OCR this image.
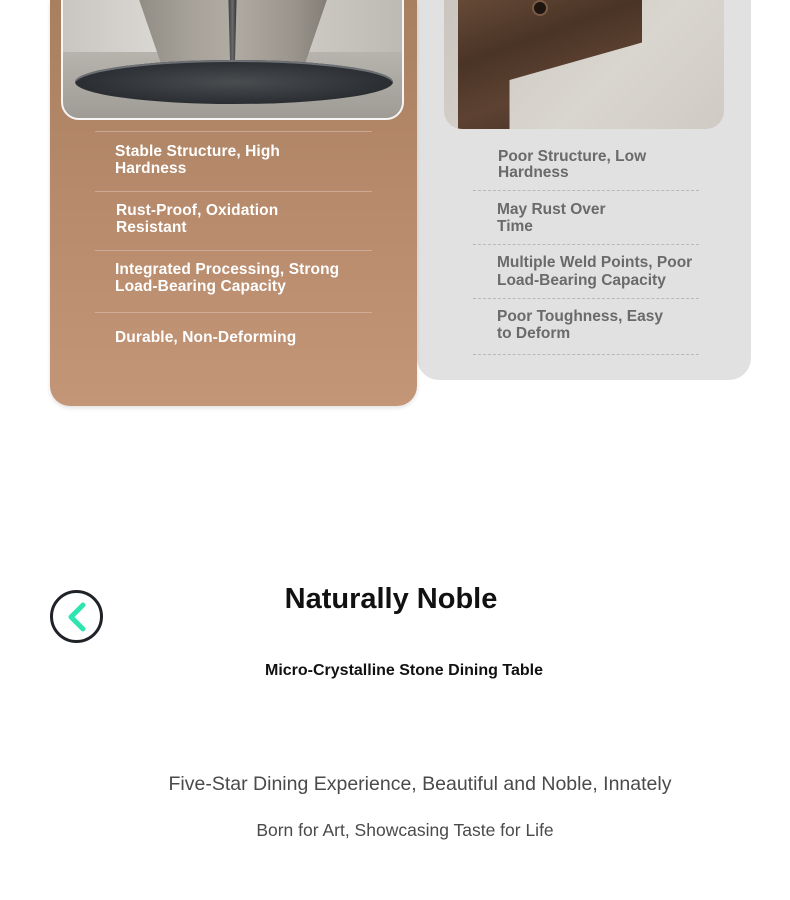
Stable Structure, High Hardness
Rust-Proof, Oxidation Resistant
Integrated Processing, Strong Load-Bearing Capacity
Durable, Non-Deforming
Poor Structure, Low Hardness
May Rust Over Time
Multiple Weld Points, Poor Load-Bearing Capacity
Poor Toughness, Easy to Deform
Naturally Noble
Micro-Crystalline Stone Dining Table
Five-Star Dining Experience, Beautiful and Noble, Innately
Born for Art, Showcasing Taste for Life
